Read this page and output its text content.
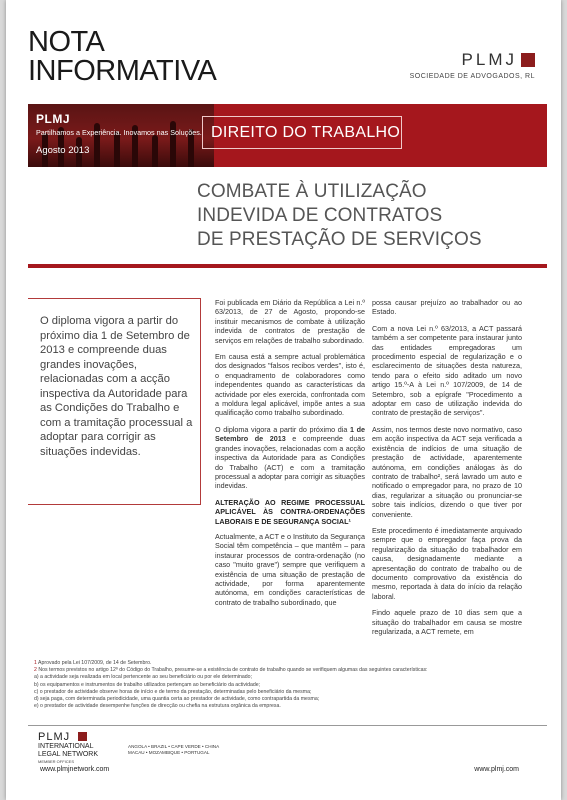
NOTA
INFORMATIVA	PLMJ
SOCIEDADE DE ADVOGADOS, RL
PLMJ
Partilhamos a Experiência. Inovamos nas Soluções.
Agosto 2013
DIREITO DO TRABALHO
COMBATE À UTILIZAÇÃO
INDEVIDA DE CONTRATOS
DE PRESTAÇÃO DE SERVIÇOS
O diploma vigora a partir do próximo dia 1 de Setembro de 2013 e compreende duas grandes inovações, relacionadas com a acção inspectiva da Autoridade para as Condições do Trabalho e com a tramitação processual a adoptar para corrigir as situações indevidas.

Foi publicada em Diário da República a Lei n.º 63/2013, de 27 de Agosto, propondo-se instituir mecanismos de combate à utilização indevida de contratos de prestação de serviços em relações de trabalho subordinado.

Em causa está a sempre actual problemática dos designados "falsos recibos verdes", isto é, o enquadramento de colaboradores como independentes quando as características da actividade por eles exercida, confrontada com a moldura legal aplicável, impõe antes a sua qualificação como trabalho subordinado.

O diploma vigora a partir do próximo dia 1 de Setembro de 2013 e compreende duas grandes inovações, relacionadas com a acção inspectiva da Autoridade para as Condições do Trabalho (ACT) e com a tramitação processual a adoptar para corrigir as situações indevidas.

ALTERAÇÃO AO REGIME PROCESSUAL APLICÁVEL ÀS CONTRA-ORDENAÇÕES LABORAIS E DE SEGURANÇA SOCIAL¹

Actualmente, a ACT e o Instituto da Segurança Social têm competência – que mantêm – para instaurar processos de contra-ordenação (no caso "muito grave") sempre que verifiquem a existência de uma situação de prestação de actividade, por forma aparentemente autónoma, em condições características de contrato de trabalho subordinado, que

possa causar prejuízo ao trabalhador ou ao Estado.

Com a nova Lei n.º 63/2013, a ACT passará também a ser competente para instaurar junto das entidades empregadoras um procedimento especial de regularização e o esclarecimento de situações desta natureza, tendo para o efeito sido aditado um novo artigo 15.º-A à Lei n.º 107/2009, de 14 de Setembro, sob a epígrafe "Procedimento a adoptar em caso de utilização indevida do contrato de prestação de serviços".

Assim, nos termos deste novo normativo, caso em acção inspectiva da ACT seja verificada a existência de indícios de uma situação de prestação de actividade, aparentemente autónoma, em condições análogas às do contrato de trabalho², será lavrado um auto e notificado o empregador para, no prazo de 10 dias, regularizar a situação ou pronunciar-se sobre tais indícios, dizendo o que tiver por conveniente.

Este procedimento é imediatamente arquivado sempre que o empregador faça prova da regularização da situação do trabalhador em causa, designadamente mediante a apresentação do contrato de trabalho ou de documento comprovativo da existência do mesmo, reportada à data do início da relação laboral.

Findo aquele prazo de 10 dias sem que a situação do trabalhador em causa se mostre regularizada, a ACT remete, em

1 Aprovado pela Lei 107/2009, de 14 de Setembro.
2 Nos termos previstos no artigo 12º do Código do Trabalho, presume-se a existência de contrato de trabalho quando se verifiquem algumas das seguintes características:
a) a actividade seja realizada em local pertencente ao seu beneficiário ou por ele determinado;
b) os equipamentos e instrumentos de trabalho utilizados pertençam ao beneficiário da actividade;
c) o prestador de actividade observe horas de início e de termo da prestação, determinadas pelo beneficiário da mesma;
d) seja paga, com determinada periodicidade, uma quantia certa ao prestador de actividade, como contrapartida da mesma;
e) o prestador de actividade desempenhe funções de direcção ou chefia na estrutura orgânica da empresa.
PLMJ
INTERNATIONAL
LEGAL NETWORK
MEMBER OFFICES
ANGOLA • BRAZIL • CAPE VERDE • CHINA
MACAU • MOZAMBIQUE • PORTUGAL
www.plmjnetwork.com	www.plmj.com
